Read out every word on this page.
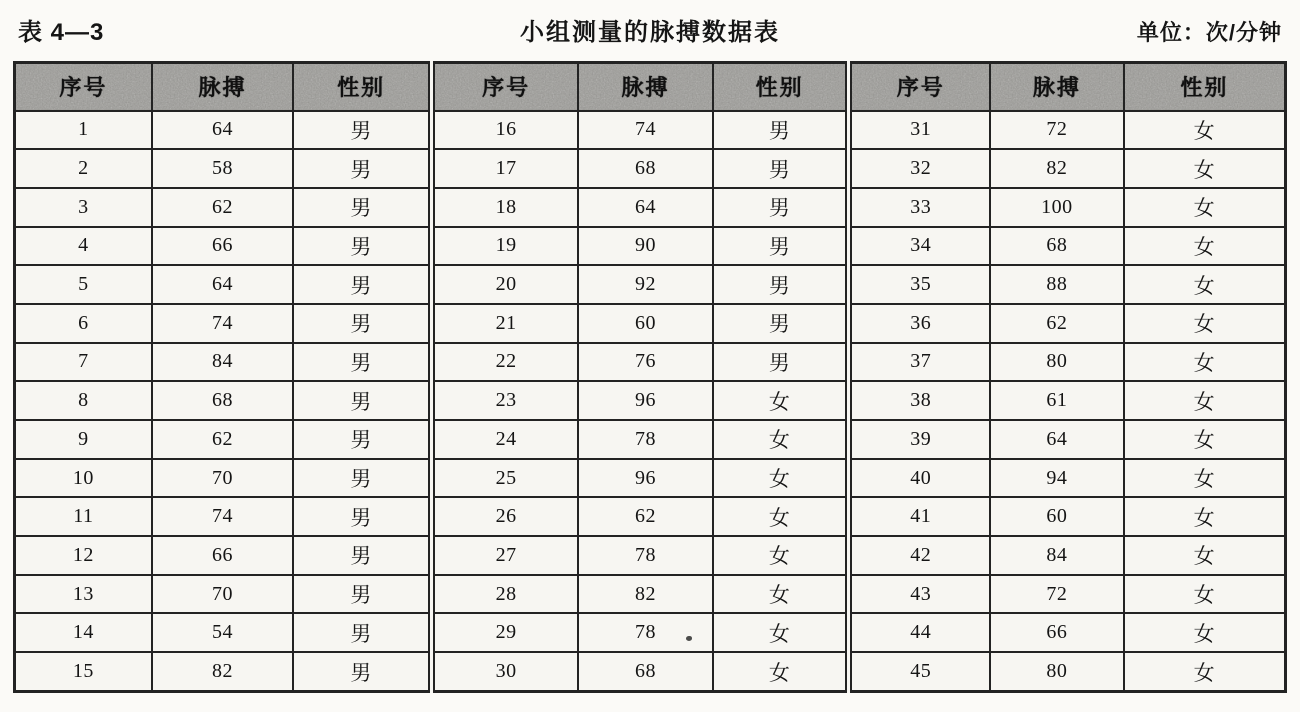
表 4—3	小组测量的脉搏数据表	单位：次/分钟
序号	脉搏	性别	序号	脉搏	性别	序号	脉搏	性别
1	64	男	16	74	男	31	72	女
2	58	男	17	68	男	32	82	女
3	62	男	18	64	男	33	100	女
4	66	男	19	90	男	34	68	女
5	64	男	20	92	男	35	88	女
6	74	男	21	60	男	36	62	女
7	84	男	22	76	男	37	80	女
8	68	男	23	96	女	38	61	女
9	62	男	24	78	女	39	64	女
10	70	男	25	96	女	40	94	女
11	74	男	26	62	女	41	60	女
12	66	男	27	78	女	42	84	女
13	70	男	28	82	女	43	72	女
14	54	男	29	78	女	44	66	女
15	82	男	30	68	女	45	80	女
